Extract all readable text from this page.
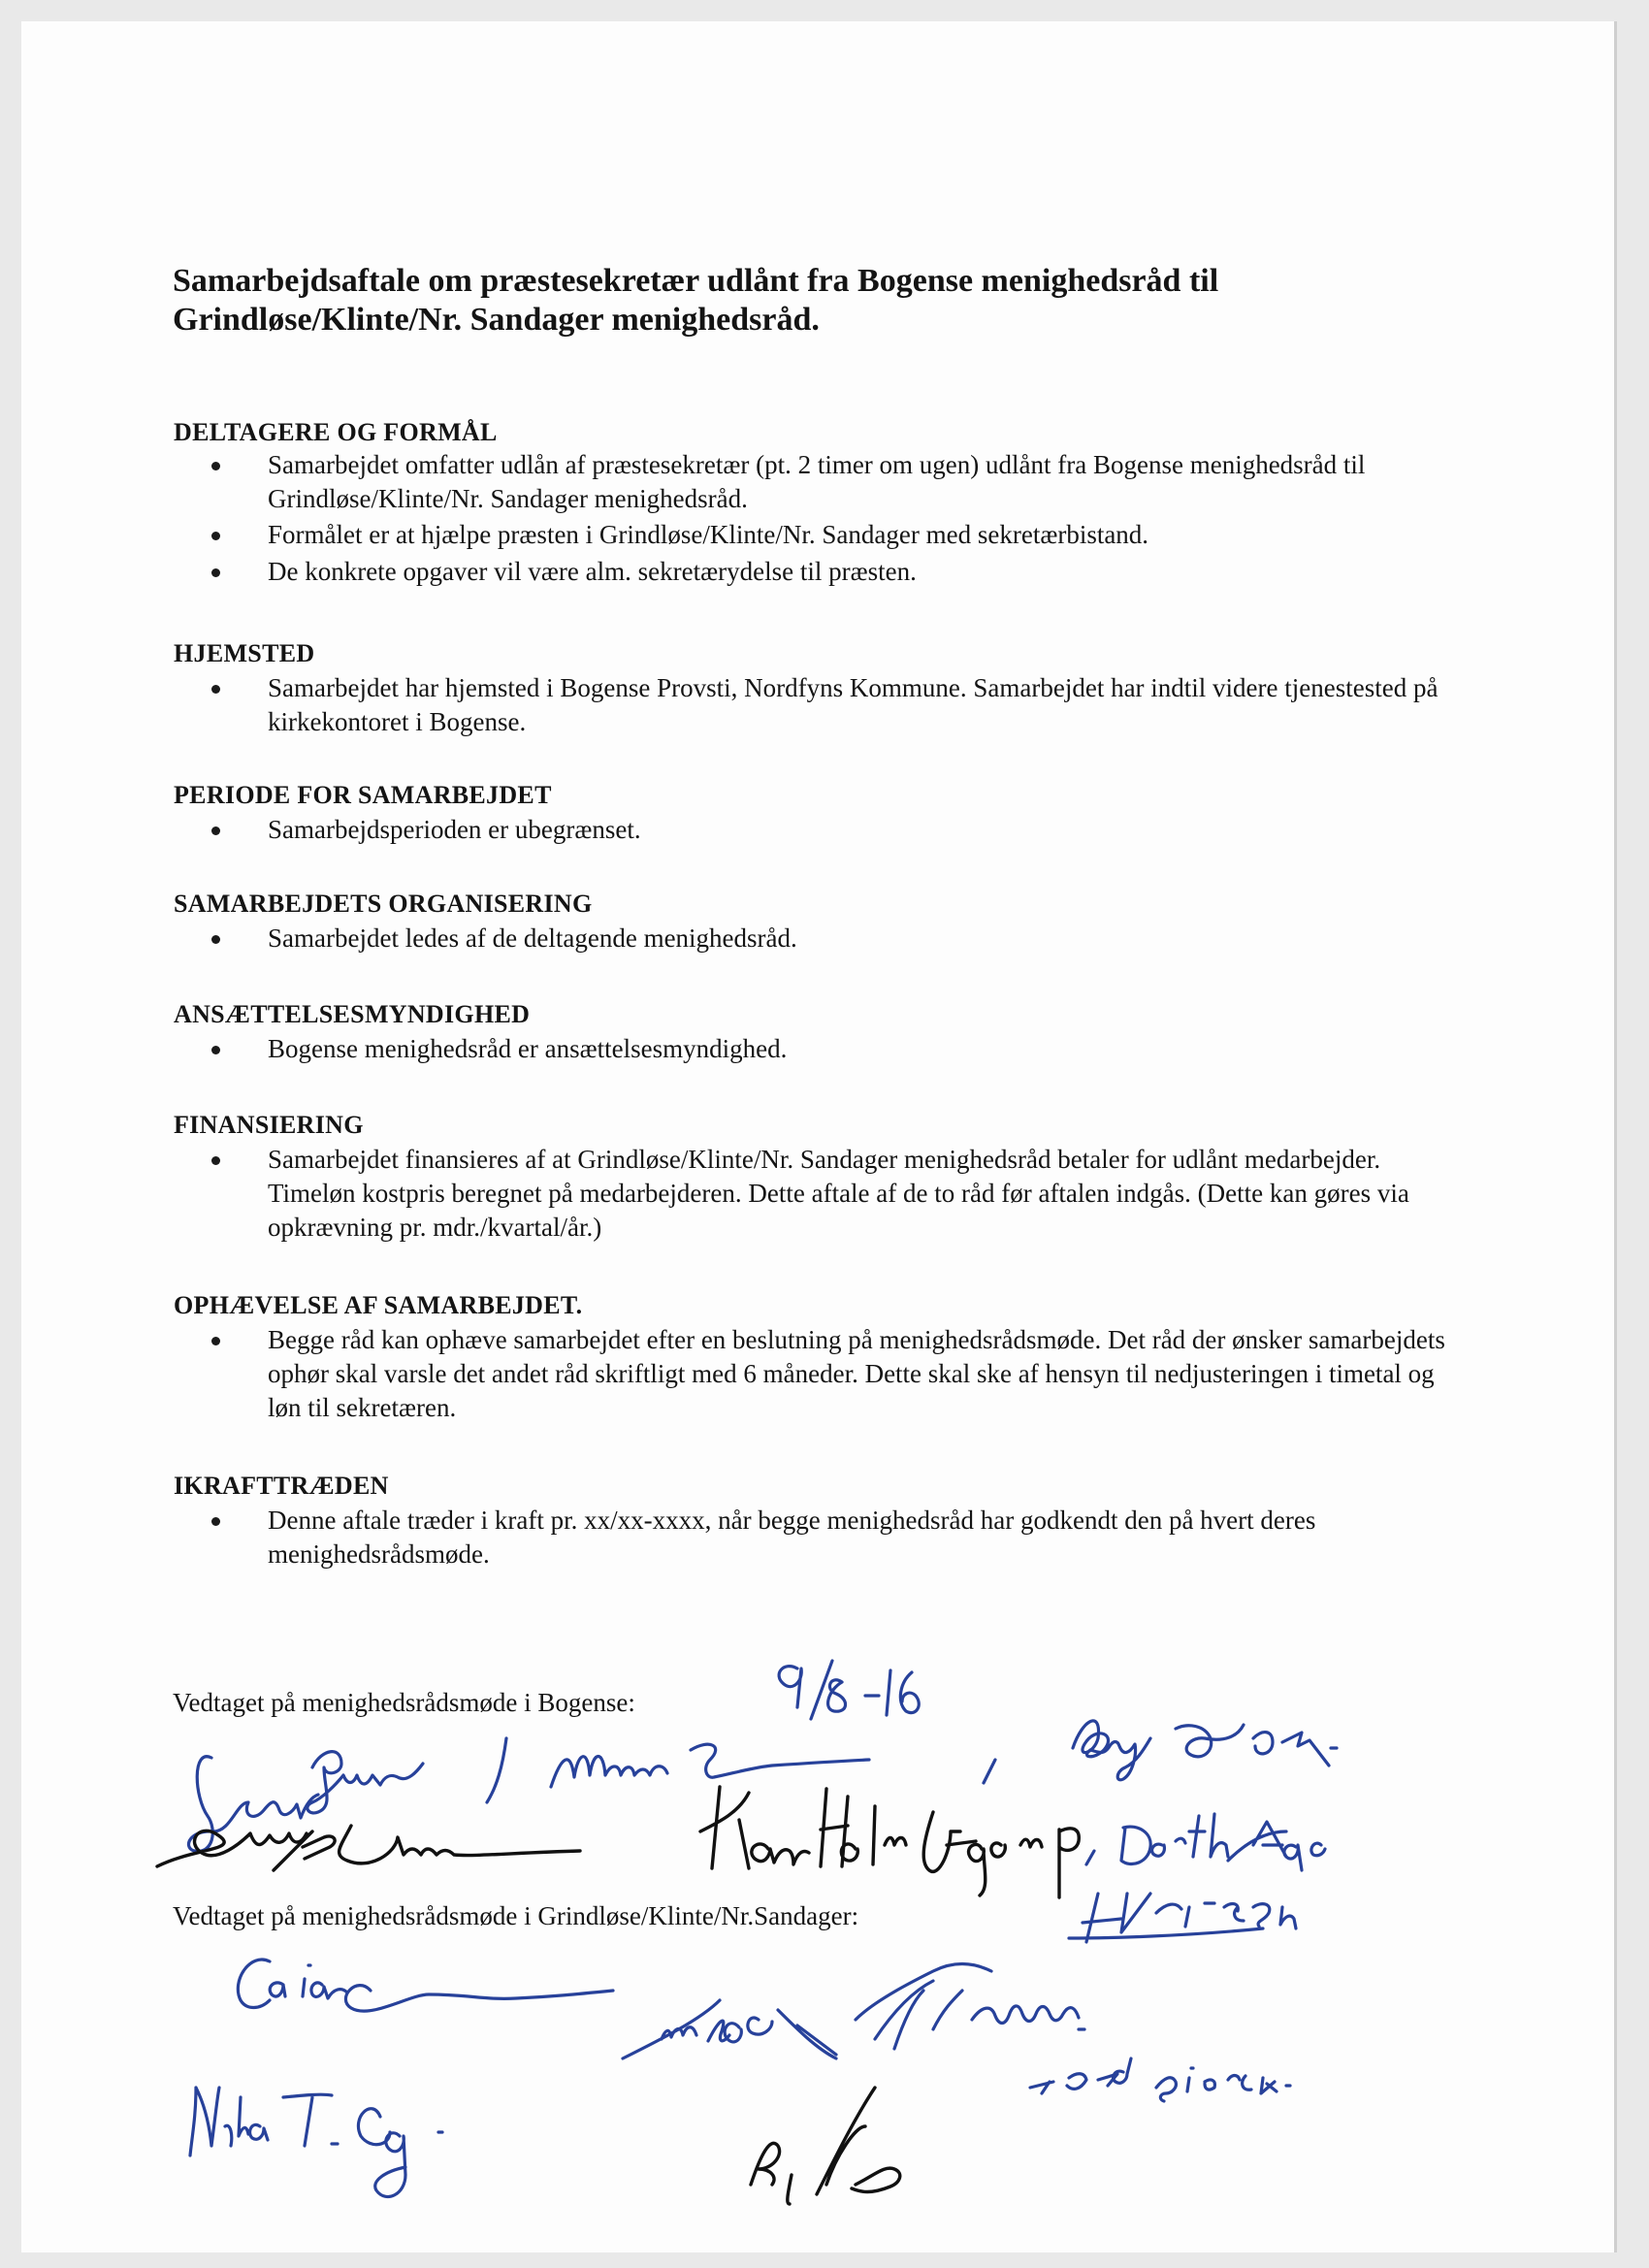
Samarbejdsaftale om præstesekretær udlånt fra Bogense menighedsråd til Grindløse/Klinte/Nr. Sandager menighedsråd.
DELTAGERE OG FORMÅL

Samarbejdet omfatter udlån af præstesekretær (pt. 2 timer om ugen) udlånt fra Bogense menighedsråd til Grindløse/Klinte/Nr. Sandager menighedsråd.

Formålet er at hjælpe præsten i Grindløse/Klinte/Nr. Sandager med sekretærbistand.

De konkrete opgaver vil være alm. sekretærydelse til præsten.

HJEMSTED

Samarbejdet har hjemsted i Bogense Provsti, Nordfyns Kommune. Samarbejdet har indtil videre tjenestested på kirkekontoret i Bogense.

PERIODE FOR SAMARBEJDET

Samarbejdsperioden er ubegrænset.

SAMARBEJDETS ORGANISERING

Samarbejdet ledes af de deltagende menighedsråd.

ANSÆTTELSESMYNDIGHED

Bogense menighedsråd er ansættelsesmyndighed.

FINANSIERING

Samarbejdet finansieres af at Grindløse/Klinte/Nr. Sandager menighedsråd betaler for udlånt medarbejder. Timeløn kostpris beregnet på medarbejderen. Dette aftale af de to råd før aftalen indgås. (Dette kan gøres via opkrævning pr. mdr./kvartal/år.)

OPHÆVELSE AF SAMARBEJDET.

Begge råd kan ophæve samarbejdet efter en beslutning på menighedsrådsmøde. Det råd der ønsker samarbejdets ophør skal varsle det andet råd skriftligt med 6 måneder. Dette skal ske af hensyn til nedjusteringen i timetal og løn til sekretæren.

IKRAFTTRÆDEN

Denne aftale træder i kraft pr. xx/xx-xxxx, når begge menighedsråd har godkendt den på hvert deres menighedsrådsmøde.

Vedtaget på menighedsrådsmøde i Bogense:

Vedtaget på menighedsrådsmøde i Grindløse/Klinte/Nr.Sandager:
